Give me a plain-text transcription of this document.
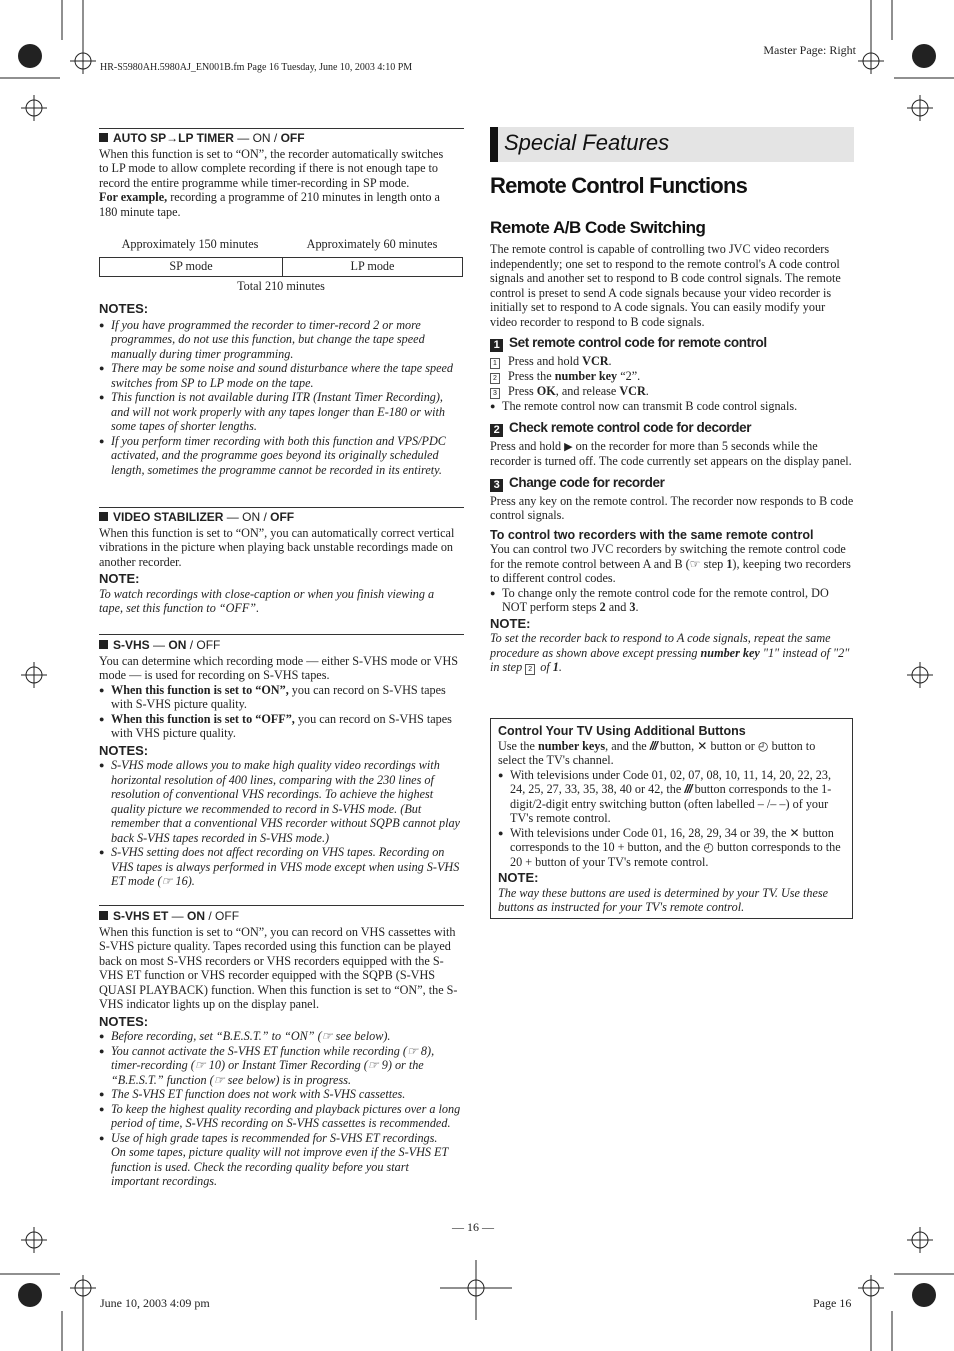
HR-S5980AH.5980AJ_EN001B.fm Page 16 Tuesday, June 10, 2003 4:10 PM
Master Page: Right
— 16 —
June 10, 2003 4:09 pm	Page 16
AUTO SP→LP TIMER — ON / OFF
When this function is set to “ON”, the recorder automatically switches to LP mode to allow complete recording if there is not enough tape to record the entire programme while timer-recording in SP mode.
For example, recording a programme of 210 minutes in length onto a 180 minute tape.
Approximately 150 minutes	Approximately 60 minutes
SP mode	LP mode
Total 210 minutes
NOTES:
● If you have programmed the recorder to timer-record 2 or more programmes, do not use this function, but change the tape speed manually during timer programming.
● There may be some noise and sound disturbance where the tape speed switches from SP to LP mode on the tape.
● This function is not available during ITR (Instant Timer Recording), and will not work properly with any tapes longer than E-180 or with some tapes of shorter lengths.
● If you perform timer recording with both this function and VPS/PDC activated, and the programme goes beyond its originally scheduled length, sometimes the programme cannot be recorded in its entirety.
VIDEO STABILIZER — ON / OFF
When this function is set to “ON”, you can automatically correct vertical vibrations in the picture when playing back unstable recordings made on another recorder.
NOTE:
To watch recordings with close-caption or when you finish viewing a tape, set this function to “OFF”.
S-VHS — ON / OFF
You can determine which recording mode — either S-VHS mode or VHS mode — is used for recording on S-VHS tapes.
● When this function is set to “ON”, you can record on S-VHS tapes with S-VHS picture quality.
● When this function is set to “OFF”, you can record on S-VHS tapes with VHS picture quality.
NOTES:
● S-VHS mode allows you to make high quality video recordings with horizontal resolution of 400 lines, comparing with the 230 lines of resolution of conventional VHS recordings. To achieve the highest quality picture we recommended to record in S-VHS mode. (But remember that a conventional VHS recorder without SQPB cannot play back S-VHS tapes recorded in S-VHS mode.)
● S-VHS setting does not affect recording on VHS tapes. Recording on VHS tapes is always performed in VHS mode except when using S-VHS ET mode (☞ 16).
S-VHS ET — ON / OFF
When this function is set to “ON”, you can record on VHS cassettes with S-VHS picture quality. Tapes recorded using this function can be played back on most S-VHS recorders or VHS recorders equipped with the S-VHS ET function or VHS recorder equipped with the SQPB (S-VHS QUASI PLAYBACK) function. When this function is set to “ON”, the S-VHS indicator lights up on the display panel.
NOTES:
● Before recording, set “B.E.S.T.” to “ON” (☞ see below).
● You cannot activate the S-VHS ET function while recording (☞ 8), timer-recording (☞ 10) or Instant Timer Recording (☞ 9) or the “B.E.S.T.” function (☞ see below) is in progress.
● The S-VHS ET function does not work with S-VHS cassettes.
● To keep the highest quality recording and playback pictures over a long period of time, S-VHS recording on S-VHS cassettes is recommended.
● Use of high grade tapes is recommended for S-VHS ET recordings. On some tapes, picture quality will not improve even if the S-VHS ET function is used. Check the recording quality before you start important recordings.
Special Features
Remote Control Functions
Remote A/B Code Switching
The remote control is capable of controlling two JVC video recorders independently; one set to respond to the remote control's A code control signals and another set to respond to B code control signals. The remote control is preset to send A code signals because your video recorder is initially set to respond to A code signals. You can easily modify your video recorder to respond to B code signals.
1 Set remote control code for remote control
1 Press and hold VCR.
2 Press the number key “2”.
3 Press OK, and release VCR.
● The remote control now can transmit B code control signals.
2 Check remote control code for decorder
Press and hold ▶ on the recorder for more than 5 seconds while the recorder is turned off. The code currently set appears on the display panel.
3 Change code for recorder
Press any key on the remote control. The recorder now responds to B code control signals.
To control two recorders with the same remote control
You can control two JVC recorders by switching the remote control code for the remote control between A and B (☞ step 1), keeping two recorders to different control codes.
● To change only the remote control code for the remote control, DO NOT perform steps 2 and 3.
NOTE:
To set the recorder back to respond to A code signals, repeat the same procedure as shown above except pressing number key "1" instead of "2" in step 2 of 1.
Control Your TV Using Additional Buttons
Use the number keys, and the /// button, ✕ button or ◴ button to select the TV's channel.
● With televisions under Code 01, 02, 07, 08, 10, 11, 14, 20, 22, 23, 24, 25, 27, 33, 35, 38, 40 or 42, the /// button corresponds to the 1-digit/2-digit entry switching button (often labelled – /– –) of your TV's remote control.
● With televisions under Code 01, 16, 28, 29, 34 or 39, the ✕ button corresponds to the 10 + button, and the ◴ button corresponds to the 20 + button of your TV's remote control.
NOTE:
The way these buttons are used is determined by your TV. Use these buttons as instructed for your TV's remote control.
